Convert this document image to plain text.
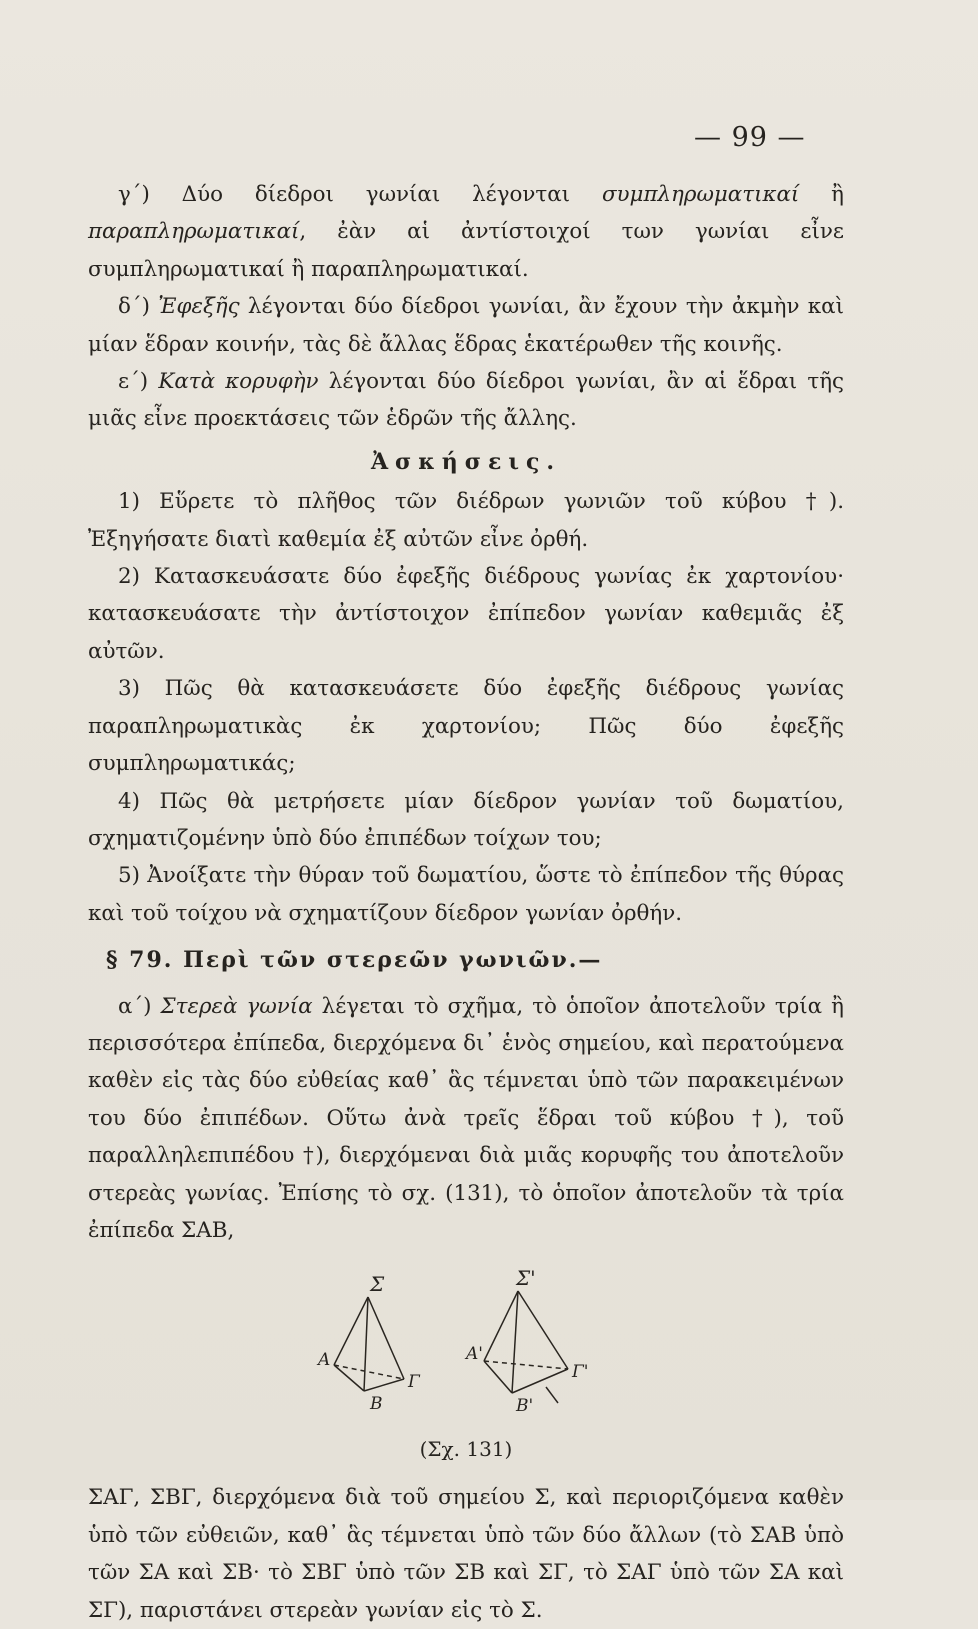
— 99 —

γ΄) Δύο δίεδροι γωνίαι λέγονται συμπληρωματικαί ἢ παραπληρωματικαί, ἐὰν αἱ ἀντίστοιχοί των γωνίαι εἶνε συμπληρωματικαί ἢ παραπληρωματικαί.

δ΄) Ἐφεξῆς λέγονται δύο δίεδροι γωνίαι, ἂν ἔχουν τὴν ἀκμὴν καὶ μίαν ἕδραν κοινήν, τὰς δὲ ἄλλας ἕδρας ἑκατέρωθεν τῆς κοινῆς.

ε΄) Κατὰ κορυφὴν λέγονται δύο δίεδροι γωνίαι, ἂν αἱ ἕδραι τῆς μιᾶς εἶνε προεκτάσεις τῶν ἑδρῶν τῆς ἄλλης.

Ἀσκήσεις.

1) Εὕρετε τὸ πλῆθος τῶν διέδρων γωνιῶν τοῦ κύβου †). Ἐξηγήσατε διατὶ καθεμία ἐξ αὐτῶν εἶνε ὀρθή.

2) Κατασκευάσατε δύο ἐφεξῆς διέδρους γωνίας ἐκ χαρτονίου· κατασκευάσατε τὴν ἀντίστοιχον ἐπίπεδον γωνίαν καθεμιᾶς ἐξ αὐτῶν.

3) Πῶς θὰ κατασκευάσετε δύο ἐφεξῆς διέδρους γωνίας παραπληρωματικὰς ἐκ χαρτονίου; Πῶς δύο ἐφεξῆς συμπληρωματικάς;

4) Πῶς θὰ μετρήσετε μίαν δίεδρον γωνίαν τοῦ δωματίου, σχηματιζομένην ὑπὸ δύο ἐπιπέδων τοίχων του;

5) Ἀνοίξατε τὴν θύραν τοῦ δωματίου, ὥστε τὸ ἐπίπεδον τῆς θύρας καὶ τοῦ τοίχου νὰ σχηματίζουν δίεδρον γωνίαν ὀρθήν.

§ 79. Περὶ τῶν στερεῶν γωνιῶν.—

α΄) Στερεὰ γωνία λέγεται τὸ σχῆμα, τὸ ὁποῖον ἀποτελοῦν τρία ἢ περισσότερα ἐπίπεδα, διερχόμενα δι᾽ ἑνὸς σημείου, καὶ περατούμενα καθὲν εἰς τὰς δύο εὐθείας καθ᾽ ἃς τέμνεται ὑπὸ τῶν παρακειμένων του δύο ἐπιπέδων. Οὕτω ἀνὰ τρεῖς ἕδραι τοῦ κύβου †), τοῦ παραλληλεπιπέδου †), διερχόμεναι διὰ μιᾶς κορυφῆς του ἀποτελοῦν στερεὰς γωνίας. Ἐπίσης τὸ σχ. (131), τὸ ὁποῖον ἀποτελοῦν τὰ τρία ἐπίπεδα ΣΑΒ,

Σ	Σ'
A	A'
B	B'
Γ	Γ'
(Σχ. 131)

ΣΑΓ, ΣΒΓ, διερχόμενα διὰ τοῦ σημείου Σ, καὶ περιοριζόμενα καθὲν ὑπὸ τῶν εὐθειῶν, καθ᾽ ἃς τέμνεται ὑπὸ τῶν δύο ἄλλων (τὸ ΣΑΒ ὑπὸ τῶν ΣΑ καὶ ΣΒ· τὸ ΣΒΓ ὑπὸ τῶν ΣΒ καὶ ΣΓ, τὸ ΣΑΓ ὑπὸ τῶν ΣΑ καὶ ΣΓ), παριστάνει στερεὰν γωνίαν εἰς τὸ Σ.
